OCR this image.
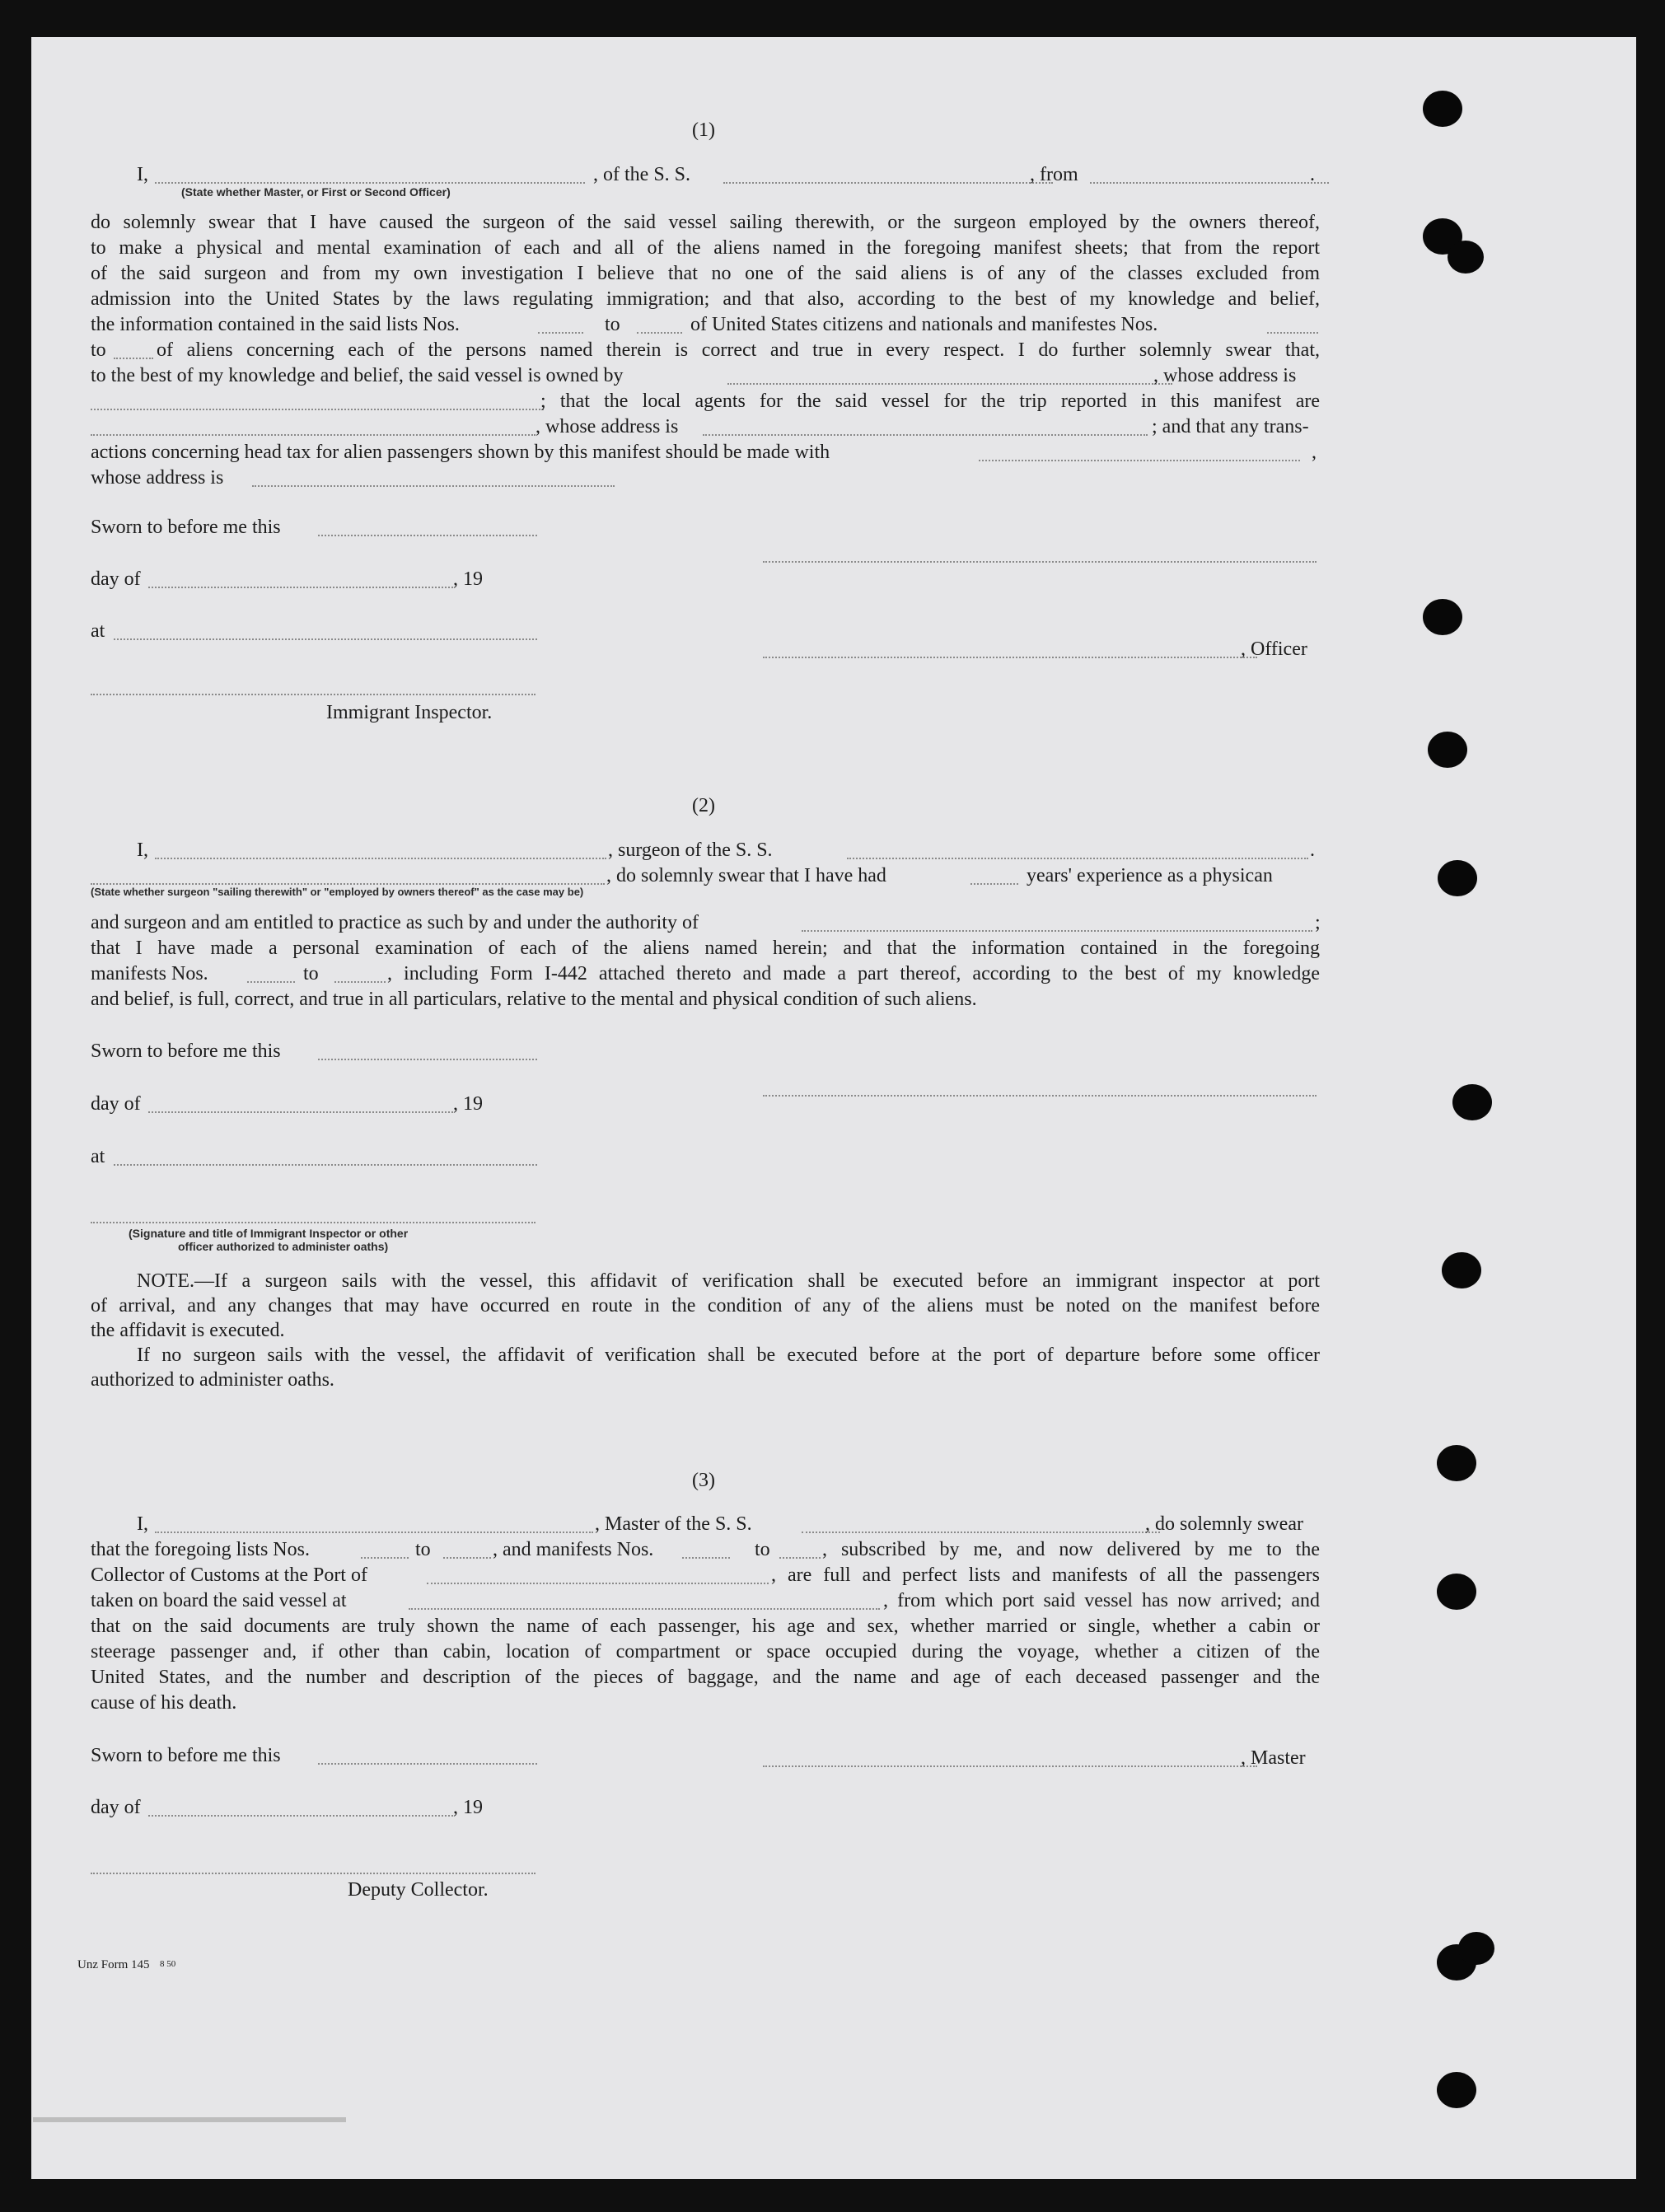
(1)
I,	, of the S. S.	, from	.
(State whether Master, or First or Second Officer)
do solemnly swear that I have caused the surgeon of the said vessel sailing therewith, or the surgeon employed by the owners thereof,
to make a physical and mental examination of each and all of the aliens named in the foregoing manifest sheets; that from the report
of the said surgeon and from my own investigation I believe that no one of the said aliens is of any of the classes excluded from
admission into the United States by the laws regulating immigration; and that also, according to the best of my knowledge and belief,
the information contained in the said lists Nos.	to	of United States citizens and nationals and manifestes Nos.
to	of aliens concerning each of the persons named therein is correct and true in every respect. I do further solemnly swear that,
to the best of my knowledge and belief, the said vessel is owned by	, whose address is
; that the local agents for the said vessel for the trip reported in this manifest are
, whose address is	; and that any trans-
actions concerning head tax for alien passengers shown by this manifest should be made with	,
whose address is
Sworn to before me this
day of	, 19
at
, Officer
Immigrant Inspector.
(2)
I,	, surgeon of the S. S.	.
, do solemnly swear that I have had	years' experience as a physican
(State whether surgeon "sailing therewith" or "employed by owners thereof" as the case may be)
and surgeon and am entitled to practice as such by and under the authority of	;
that I have made a personal examination of each of the aliens named herein; and that the information contained in the foregoing
manifests Nos.	to	, including Form I-442 attached thereto and made a part thereof, according to the best of my knowledge
and belief, is full, correct, and true in all particulars, relative to the mental and physical condition of such aliens.
Sworn to before me this
day of	, 19
at
(Signature and title of Immigrant Inspector or other
officer authorized to administer oaths)
NOTE.—If a surgeon sails with the vessel, this affidavit of verification shall be executed before an immigrant inspector at port
of arrival, and any changes that may have occurred en route in the condition of any of the aliens must be noted on the manifest before
the affidavit is executed.
If no surgeon sails with the vessel, the affidavit of verification shall be executed before at the port of departure before some officer
authorized to administer oaths.
(3)
I,	, Master of the S. S.	, do solemnly swear
that the foregoing lists Nos.	to	, and manifests Nos.	to	, subscribed by me, and now delivered by me to the
Collector of Customs at the Port of	, are full and perfect lists and manifests of all the passengers
taken on board the said vessel at	, from which port said vessel has now arrived; and
that on the said documents are truly shown the name of each passenger, his age and sex, whether married or single, whether a cabin or
steerage passenger and, if other than cabin, location of compartment or space occupied during the voyage, whether a citizen of the
United States, and the number and description of the pieces of baggage, and the name and age of each deceased passenger and the
cause of his death.
Sworn to before me this	, Master
day of	, 19
Deputy Collector.
Unz Form 145 8 50
